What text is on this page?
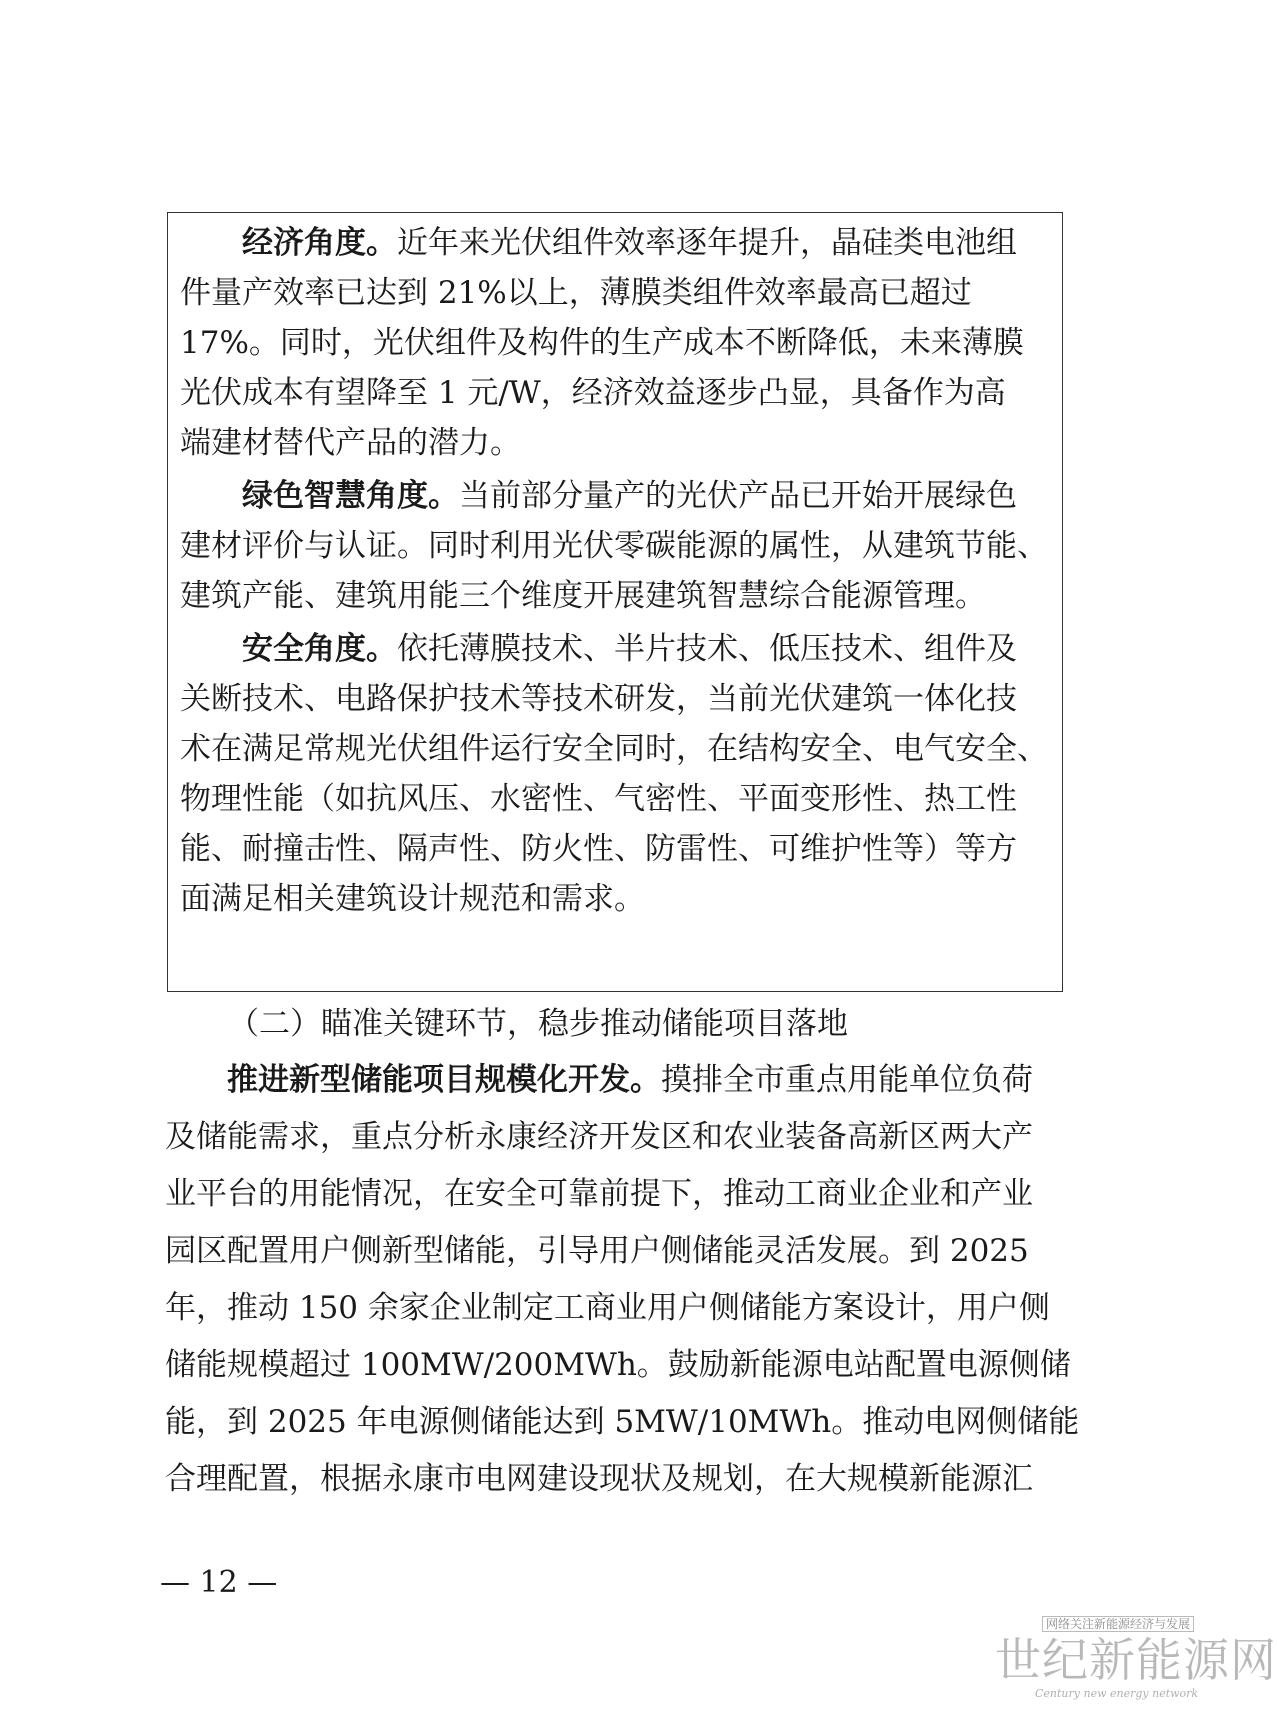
经济角度。近年来光伏组件效率逐年提升，晶硅类电池组
件量产效率已达到 21%以上，薄膜类组件效率最高已超过
17%。同时，光伏组件及构件的生产成本不断降低，未来薄膜
光伏成本有望降至 1 元/W，经济效益逐步凸显，具备作为高
端建材替代产品的潜力。
绿色智慧角度。当前部分量产的光伏产品已开始开展绿色
建材评价与认证。同时利用光伏零碳能源的属性，从建筑节能、
建筑产能、建筑用能三个维度开展建筑智慧综合能源管理。
安全角度。依托薄膜技术、半片技术、低压技术、组件及
关断技术、电路保护技术等技术研发，当前光伏建筑一体化技
术在满足常规光伏组件运行安全同时，在结构安全、电气安全、
物理性能（如抗风压、水密性、气密性、平面变形性、热工性
能、耐撞击性、隔声性、防火性、防雷性、可维护性等）等方
面满足相关建筑设计规范和需求。
（二）瞄准关键环节，稳步推动储能项目落地
推进新型储能项目规模化开发。摸排全市重点用能单位负荷
及储能需求，重点分析永康经济开发区和农业装备高新区两大产
业平台的用能情况，在安全可靠前提下，推动工商业企业和产业
园区配置用户侧新型储能，引导用户侧储能灵活发展。到 2025
年，推动 150 余家企业制定工商业用户侧储能方案设计，用户侧
储能规模超过 100MW/200MWh。鼓励新能源电站配置电源侧储
能，到 2025 年电源侧储能达到 5MW/10MWh。推动电网侧储能
合理配置，根据永康市电网建设现状及规划，在大规模新能源汇
— 12 —
网络关注新能源经济与发展
世纪新能源网
Century new energy network
